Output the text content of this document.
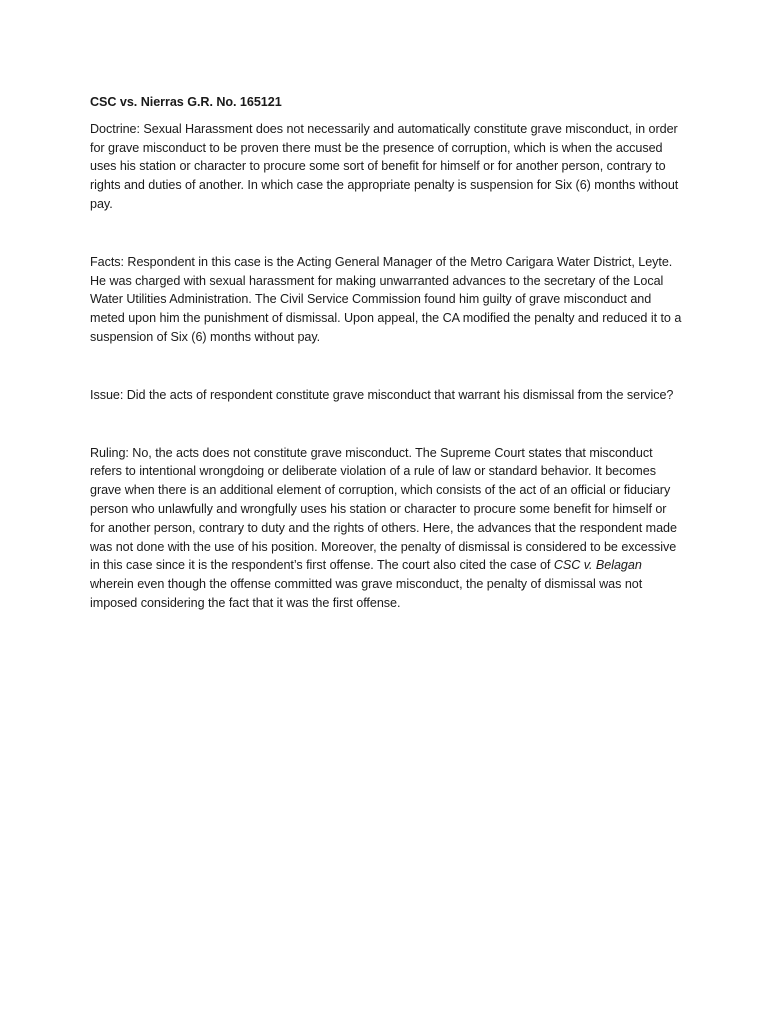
CSC vs. Nierras G.R. No. 165121

Doctrine: Sexual Harassment does not necessarily and automatically constitute grave misconduct, in order for grave misconduct to be proven there must be the presence of corruption, which is when the accused uses his station or character to procure some sort of benefit for himself or for another person, contrary to rights and duties of another. In which case the appropriate penalty is suspension for Six (6) months without pay.

Facts: Respondent in this case is the Acting General Manager of the Metro Carigara Water District, Leyte. He was charged with sexual harassment for making unwarranted advances to the secretary of the Local Water Utilities Administration. The Civil Service Commission found him guilty of grave misconduct and meted upon him the punishment of dismissal. Upon appeal, the CA modified the penalty and reduced it to a suspension of Six (6) months without pay.

Issue: Did the acts of respondent constitute grave misconduct that warrant his dismissal from the service?

Ruling: No, the acts does not constitute grave misconduct. The Supreme Court states that misconduct refers to intentional wrongdoing or deliberate violation of a rule of law or standard behavior. It becomes grave when there is an additional element of corruption, which consists of the act of an official or fiduciary person who unlawfully and wrongfully uses his station or character to procure some benefit for himself or for another person, contrary to duty and the rights of others. Here, the advances that the respondent made was not done with the use of his position. Moreover, the penalty of dismissal is considered to be excessive in this case since it is the respondent’s first offense. The court also cited the case of CSC v. Belagan wherein even though the offense committed was grave misconduct, the penalty of dismissal was not imposed considering the fact that it was the first offense.
